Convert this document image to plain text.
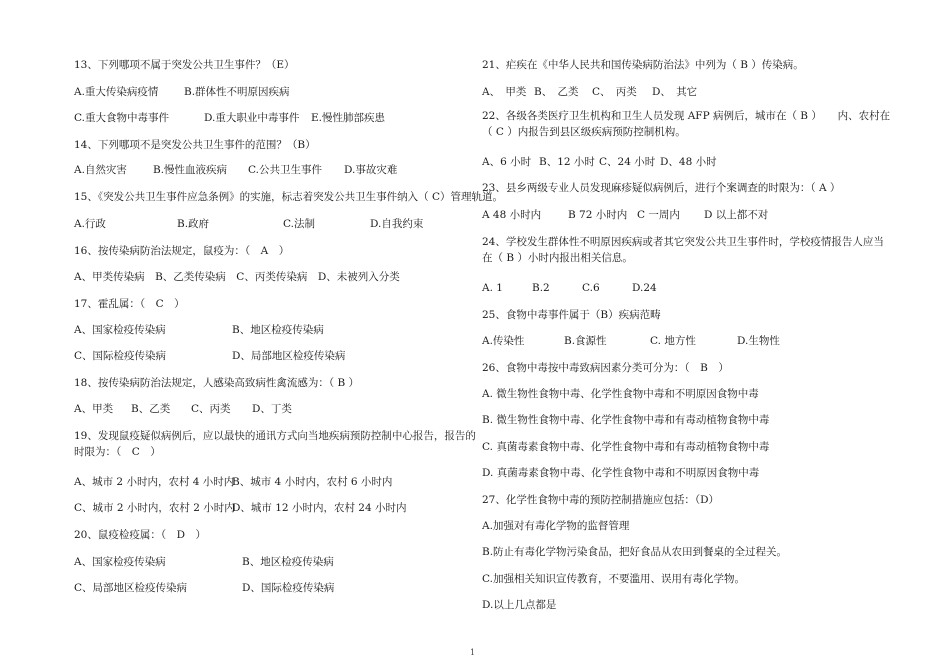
13、下列哪项不属于突发公共卫生事件？（E）
A.重大传染病疫情 B.群体性不明原因疾病
C.重大食物中毒事件	D.重大职业中毒事件 E.慢性肺部疾患
14、下列哪项不是突发公共卫生事件的范围？（B）
A.自然灾害 B.慢性血液疾病 C.公共卫生事件 D.事故灾难
15、《突发公共卫生事件应急条例》的实施，标志着突发公共卫生事件纳入（ C）管理轨道。
A.行政	B.政府	C.法制	D.自我约束
16、按传染病防治法规定，鼠疫为：（　A　）
A、甲类传染病　B、乙类传染病　C、丙类传染病　D、未被列入分类
17、霍乱属：（　C　）
A、国家检疫传染病	B、地区检疫传染病
C、国际检疫传染病	D、局部地区检疫传染病
18、按传染病防治法规定，人感染高致病性禽流感为：（ B ）
A、甲类 B、乙类 C、丙类 D、丁类
19、发现鼠疫疑似病例后，应以最快的通讯方式向当地疾病预防控制中心报告，报告的时限为：（　C　）
A、城市 2 小时内，农村 4 小时内
B、城市 4 小时内，农村 6 小时内
C、城市 2 小时内，农村 2 小时内
D、城市 12 小时内，农村 24 小时内
20、鼠疫检疫属：（　D　）
A、国家检疫传染病	B、地区检疫传染病
C、局部地区检疫传染病	D、国际检疫传染病
21、疟疾在《中华人民共和国传染病防治法》中列为（ B ）传染病。
A、　甲类 B、　乙类 C、　丙类 D、　其它
22、各级各类医疗卫生机构和卫生人员发现 AFP 病例后，城市在（ B ）　　内、农村在（ C ）内报告到县区级疾病预防控制机构。
A、6 小时 B、12 小时 C、24 小时 D、48 小时
23、县乡两级专业人员发现麻疹疑似病例后，进行个案调查的时限为：（ A ）
A 48 小时内	B 72 小时内 C 一周内 D 以上都不对
24、学校发生群体性不明原因疾病或者其它突发公共卫生事件时，学校疫情报告人应当在（ B ）小时内报出相关信息。
A. 1	B.2	C.6	D.24
25、食物中毒事件属于（B）疾病范畴
A.传染性	B.食源性	C. 地方性	D.生物性
26、食物中毒按中毒致病因素分类可分为：（　B　）
A. 微生物性食物中毒、化学性食物中毒和不明原因食物中毒
B. 微生物性食物中毒、化学性食物中毒和有毒动植物食物中毒
C. 真菌毒素食物中毒、化学性食物中毒和有毒动植物食物中毒
D. 真菌毒素食物中毒、化学性食物中毒和不明原因食物中毒
27、化学性食物中毒的预防控制措施应包括：（D）
A.加强对有毒化学物的监督管理
B.防止有毒化学物污染食品，把好食品从农田到餐桌的全过程关。
C.加强相关知识宣传教育，不要滥用、误用有毒化学物。
D.以上几点都是
1
